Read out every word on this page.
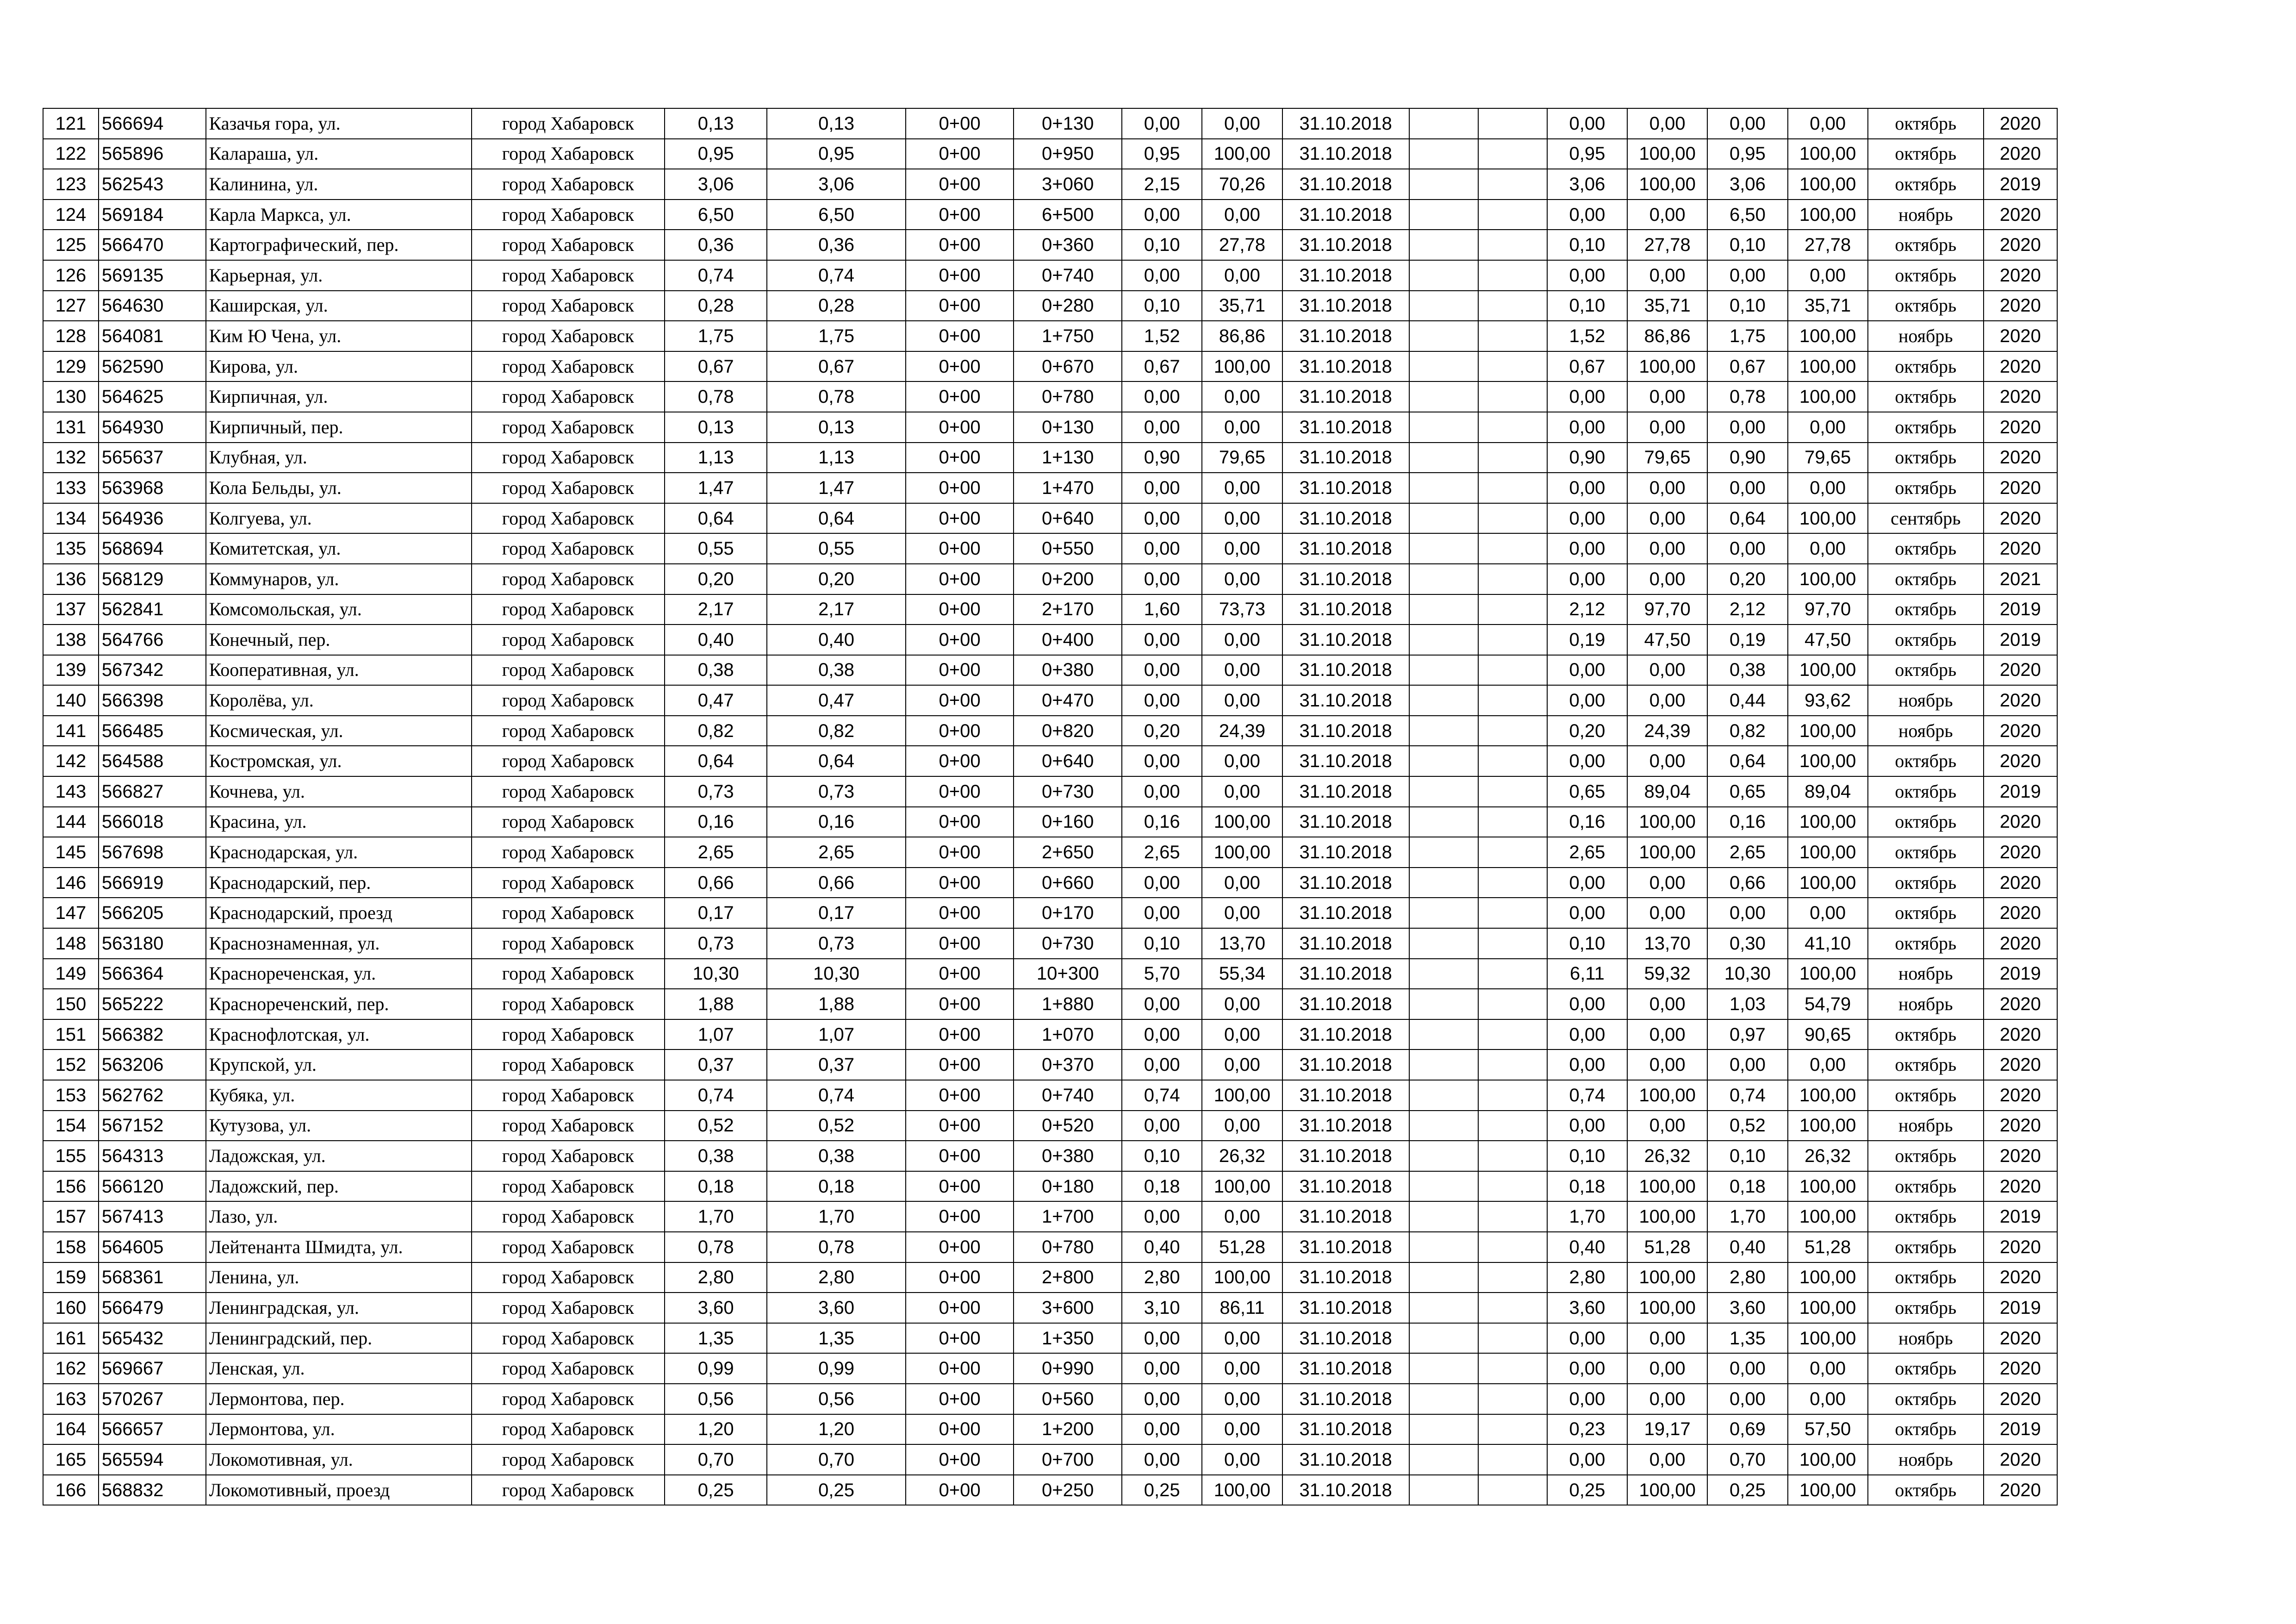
121	566694	Казачья гора, ул.	город Хабаровск	0,13	0,13	0+00	0+130	0,00	0,00	31.10.2018			0,00	0,00	0,00	0,00	октябрь	2020
122	565896	Калараша, ул.	город Хабаровск	0,95	0,95	0+00	0+950	0,95	100,00	31.10.2018			0,95	100,00	0,95	100,00	октябрь	2020
123	562543	Калинина, ул.	город Хабаровск	3,06	3,06	0+00	3+060	2,15	70,26	31.10.2018			3,06	100,00	3,06	100,00	октябрь	2019
124	569184	Карла Маркса, ул.	город Хабаровск	6,50	6,50	0+00	6+500	0,00	0,00	31.10.2018			0,00	0,00	6,50	100,00	ноябрь	2020
125	566470	Картографический, пер.	город Хабаровск	0,36	0,36	0+00	0+360	0,10	27,78	31.10.2018			0,10	27,78	0,10	27,78	октябрь	2020
126	569135	Карьерная, ул.	город Хабаровск	0,74	0,74	0+00	0+740	0,00	0,00	31.10.2018			0,00	0,00	0,00	0,00	октябрь	2020
127	564630	Каширская, ул.	город Хабаровск	0,28	0,28	0+00	0+280	0,10	35,71	31.10.2018			0,10	35,71	0,10	35,71	октябрь	2020
128	564081	Ким Ю Чена, ул.	город Хабаровск	1,75	1,75	0+00	1+750	1,52	86,86	31.10.2018			1,52	86,86	1,75	100,00	ноябрь	2020
129	562590	Кирова, ул.	город Хабаровск	0,67	0,67	0+00	0+670	0,67	100,00	31.10.2018			0,67	100,00	0,67	100,00	октябрь	2020
130	564625	Кирпичная, ул.	город Хабаровск	0,78	0,78	0+00	0+780	0,00	0,00	31.10.2018			0,00	0,00	0,78	100,00	октябрь	2020
131	564930	Кирпичный, пер.	город Хабаровск	0,13	0,13	0+00	0+130	0,00	0,00	31.10.2018			0,00	0,00	0,00	0,00	октябрь	2020
132	565637	Клубная, ул.	город Хабаровск	1,13	1,13	0+00	1+130	0,90	79,65	31.10.2018			0,90	79,65	0,90	79,65	октябрь	2020
133	563968	Кола Бельды, ул.	город Хабаровск	1,47	1,47	0+00	1+470	0,00	0,00	31.10.2018			0,00	0,00	0,00	0,00	октябрь	2020
134	564936	Колгуева, ул.	город Хабаровск	0,64	0,64	0+00	0+640	0,00	0,00	31.10.2018			0,00	0,00	0,64	100,00	сентябрь	2020
135	568694	Комитетская, ул.	город Хабаровск	0,55	0,55	0+00	0+550	0,00	0,00	31.10.2018			0,00	0,00	0,00	0,00	октябрь	2020
136	568129	Коммунаров, ул.	город Хабаровск	0,20	0,20	0+00	0+200	0,00	0,00	31.10.2018			0,00	0,00	0,20	100,00	октябрь	2021
137	562841	Комсомольская, ул.	город Хабаровск	2,17	2,17	0+00	2+170	1,60	73,73	31.10.2018			2,12	97,70	2,12	97,70	октябрь	2019
138	564766	Конечный, пер.	город Хабаровск	0,40	0,40	0+00	0+400	0,00	0,00	31.10.2018			0,19	47,50	0,19	47,50	октябрь	2019
139	567342	Кооперативная, ул.	город Хабаровск	0,38	0,38	0+00	0+380	0,00	0,00	31.10.2018			0,00	0,00	0,38	100,00	октябрь	2020
140	566398	Королёва, ул.	город Хабаровск	0,47	0,47	0+00	0+470	0,00	0,00	31.10.2018			0,00	0,00	0,44	93,62	ноябрь	2020
141	566485	Космическая, ул.	город Хабаровск	0,82	0,82	0+00	0+820	0,20	24,39	31.10.2018			0,20	24,39	0,82	100,00	ноябрь	2020
142	564588	Костромская, ул.	город Хабаровск	0,64	0,64	0+00	0+640	0,00	0,00	31.10.2018			0,00	0,00	0,64	100,00	октябрь	2020
143	566827	Кочнева, ул.	город Хабаровск	0,73	0,73	0+00	0+730	0,00	0,00	31.10.2018			0,65	89,04	0,65	89,04	октябрь	2019
144	566018	Красина, ул.	город Хабаровск	0,16	0,16	0+00	0+160	0,16	100,00	31.10.2018			0,16	100,00	0,16	100,00	октябрь	2020
145	567698	Краснодарская, ул.	город Хабаровск	2,65	2,65	0+00	2+650	2,65	100,00	31.10.2018			2,65	100,00	2,65	100,00	октябрь	2020
146	566919	Краснодарский, пер.	город Хабаровск	0,66	0,66	0+00	0+660	0,00	0,00	31.10.2018			0,00	0,00	0,66	100,00	октябрь	2020
147	566205	Краснодарский, проезд	город Хабаровск	0,17	0,17	0+00	0+170	0,00	0,00	31.10.2018			0,00	0,00	0,00	0,00	октябрь	2020
148	563180	Краснознаменная, ул.	город Хабаровск	0,73	0,73	0+00	0+730	0,10	13,70	31.10.2018			0,10	13,70	0,30	41,10	октябрь	2020
149	566364	Краснореченская, ул.	город Хабаровск	10,30	10,30	0+00	10+300	5,70	55,34	31.10.2018			6,11	59,32	10,30	100,00	ноябрь	2019
150	565222	Краснореченский, пер.	город Хабаровск	1,88	1,88	0+00	1+880	0,00	0,00	31.10.2018			0,00	0,00	1,03	54,79	ноябрь	2020
151	566382	Краснофлотская, ул.	город Хабаровск	1,07	1,07	0+00	1+070	0,00	0,00	31.10.2018			0,00	0,00	0,97	90,65	октябрь	2020
152	563206	Крупской, ул.	город Хабаровск	0,37	0,37	0+00	0+370	0,00	0,00	31.10.2018			0,00	0,00	0,00	0,00	октябрь	2020
153	562762	Кубяка, ул.	город Хабаровск	0,74	0,74	0+00	0+740	0,74	100,00	31.10.2018			0,74	100,00	0,74	100,00	октябрь	2020
154	567152	Кутузова, ул.	город Хабаровск	0,52	0,52	0+00	0+520	0,00	0,00	31.10.2018			0,00	0,00	0,52	100,00	ноябрь	2020
155	564313	Ладожская, ул.	город Хабаровск	0,38	0,38	0+00	0+380	0,10	26,32	31.10.2018			0,10	26,32	0,10	26,32	октябрь	2020
156	566120	Ладожский, пер.	город Хабаровск	0,18	0,18	0+00	0+180	0,18	100,00	31.10.2018			0,18	100,00	0,18	100,00	октябрь	2020
157	567413	Лазо, ул.	город Хабаровск	1,70	1,70	0+00	1+700	0,00	0,00	31.10.2018			1,70	100,00	1,70	100,00	октябрь	2019
158	564605	Лейтенанта Шмидта, ул.	город Хабаровск	0,78	0,78	0+00	0+780	0,40	51,28	31.10.2018			0,40	51,28	0,40	51,28	октябрь	2020
159	568361	Ленина, ул.	город Хабаровск	2,80	2,80	0+00	2+800	2,80	100,00	31.10.2018			2,80	100,00	2,80	100,00	октябрь	2020
160	566479	Ленинградская, ул.	город Хабаровск	3,60	3,60	0+00	3+600	3,10	86,11	31.10.2018			3,60	100,00	3,60	100,00	октябрь	2019
161	565432	Ленинградский, пер.	город Хабаровск	1,35	1,35	0+00	1+350	0,00	0,00	31.10.2018			0,00	0,00	1,35	100,00	ноябрь	2020
162	569667	Ленская, ул.	город Хабаровск	0,99	0,99	0+00	0+990	0,00	0,00	31.10.2018			0,00	0,00	0,00	0,00	октябрь	2020
163	570267	Лермонтова, пер.	город Хабаровск	0,56	0,56	0+00	0+560	0,00	0,00	31.10.2018			0,00	0,00	0,00	0,00	октябрь	2020
164	566657	Лермонтова, ул.	город Хабаровск	1,20	1,20	0+00	1+200	0,00	0,00	31.10.2018			0,23	19,17	0,69	57,50	октябрь	2019
165	565594	Локомотивная, ул.	город Хабаровск	0,70	0,70	0+00	0+700	0,00	0,00	31.10.2018			0,00	0,00	0,70	100,00	ноябрь	2020
166	568832	Локомотивный, проезд	город Хабаровск	0,25	0,25	0+00	0+250	0,25	100,00	31.10.2018			0,25	100,00	0,25	100,00	октябрь	2020
